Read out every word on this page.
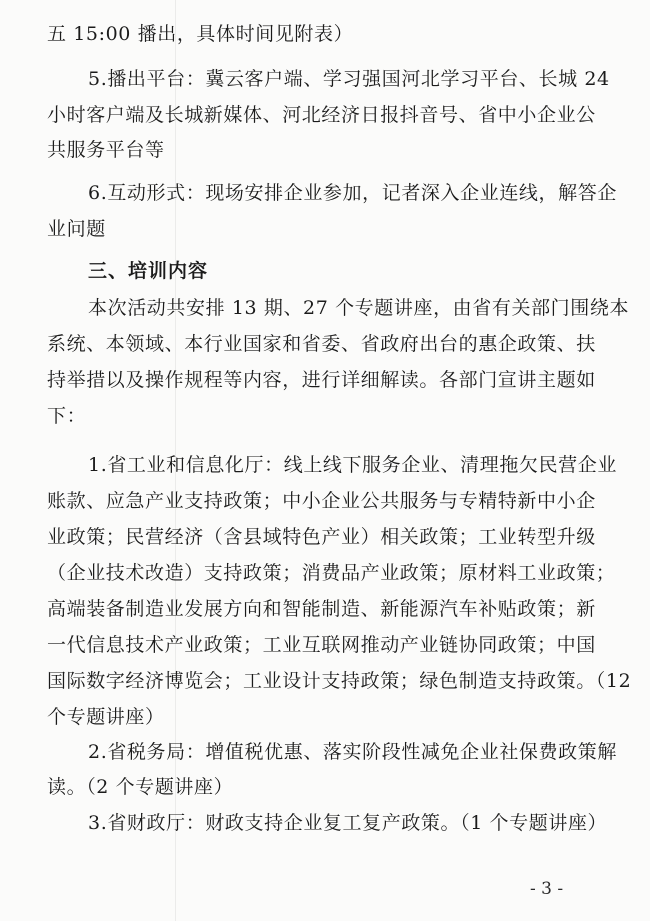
五 15:00 播出，具体时间见附表）
5.播出平台：冀云客户端、学习强国河北学习平台、长城 24
小时客户端及长城新媒体、河北经济日报抖音号、省中小企业公
共服务平台等
6.互动形式：现场安排企业参加，记者深入企业连线，解答企
业问题
三、培训内容
本次活动共安排 13 期、27 个专题讲座，由省有关部门围绕本
系统、本领域、本行业国家和省委、省政府出台的惠企政策、扶
持举措以及操作规程等内容，进行详细解读。各部门宣讲主题如
下：
1.省工业和信息化厅：线上线下服务企业、清理拖欠民营企业
账款、应急产业支持政策；中小企业公共服务与专精特新中小企
业政策；民营经济（含县域特色产业）相关政策；工业转型升级
（企业技术改造）支持政策；消费品产业政策；原材料工业政策；
高端装备制造业发展方向和智能制造、新能源汽车补贴政策；新
一代信息技术产业政策；工业互联网推动产业链协同政策；中国
国际数字经济博览会；工业设计支持政策；绿色制造支持政策。（12
个专题讲座）
2.省税务局：增值税优惠、落实阶段性减免企业社保费政策解
读。（2 个专题讲座）
3.省财政厅：财政支持企业复工复产政策。（1 个专题讲座）
- 3 -
